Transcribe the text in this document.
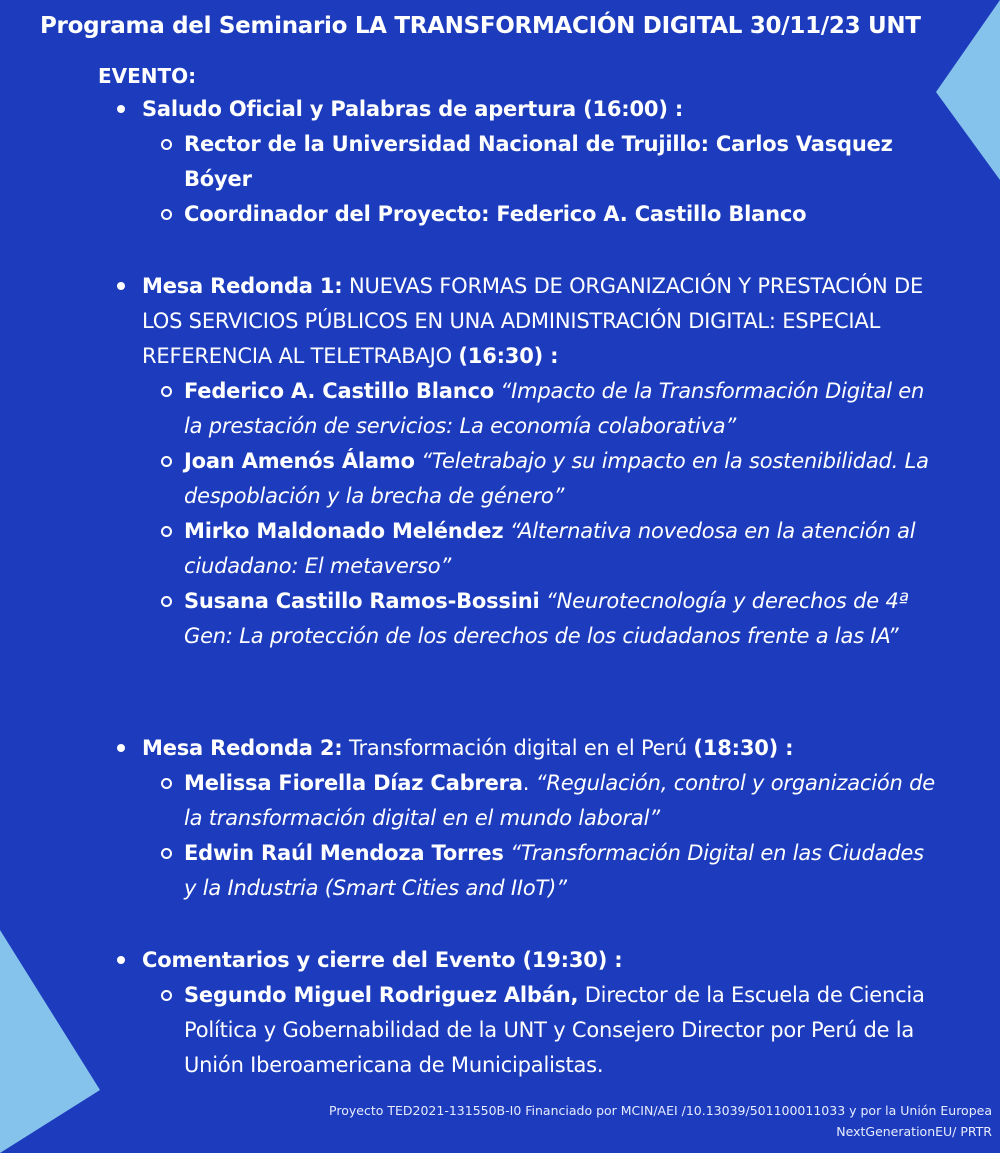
Programa del Seminario LA TRANSFORMACIÓN DIGITAL 30/11/23 UNT
EVENTO:
Saludo Oficial y Palabras de apertura (16:00) :
Rector de la Universidad Nacional de Trujillo: Carlos Vasquez Bóyer
Coordinador del Proyecto: Federico A. Castillo Blanco
Mesa Redonda 1: NUEVAS FORMAS DE ORGANIZACIÓN Y PRESTACIÓN DE LOS SERVICIOS PÚBLICOS EN UNA ADMINISTRACIÓN DIGITAL: ESPECIAL REFERENCIA AL TELETRABAJO (16:30) :
Federico A. Castillo Blanco “Impacto de la Transformación Digital en la prestación de servicios: La economía colaborativa”
Joan Amenós Álamo “Teletrabajo y su impacto en la sostenibilidad. La despoblación y la brecha de género”
Mirko Maldonado Meléndez “Alternativa novedosa en la atención al ciudadano: El metaverso”
Susana Castillo Ramos-Bossini “Neurotecnología y derechos de 4ª Gen: La protección de los derechos de los ciudadanos frente a las IA”
Mesa Redonda 2: Transformación digital en el Perú (18:30) :
Melissa Fiorella Díaz Cabrera. “Regulación, control y organización de la transformación digital en el mundo laboral”
Edwin Raúl Mendoza Torres “Transformación Digital en las Ciudades y la Industria (Smart Cities and IIoT)”
Comentarios y cierre del Evento (19:30) :
Segundo Miguel Rodriguez Albán, Director de la Escuela de Ciencia Política y Gobernabilidad de la UNT y Consejero Director por Perú de la Unión Iberoamericana de Municipalistas.
Proyecto TED2021-131550B-I0 Financiado por MCIN/AEI /10.13039/501100011033 y por la Unión Europea
NextGenerationEU/ PRTR
